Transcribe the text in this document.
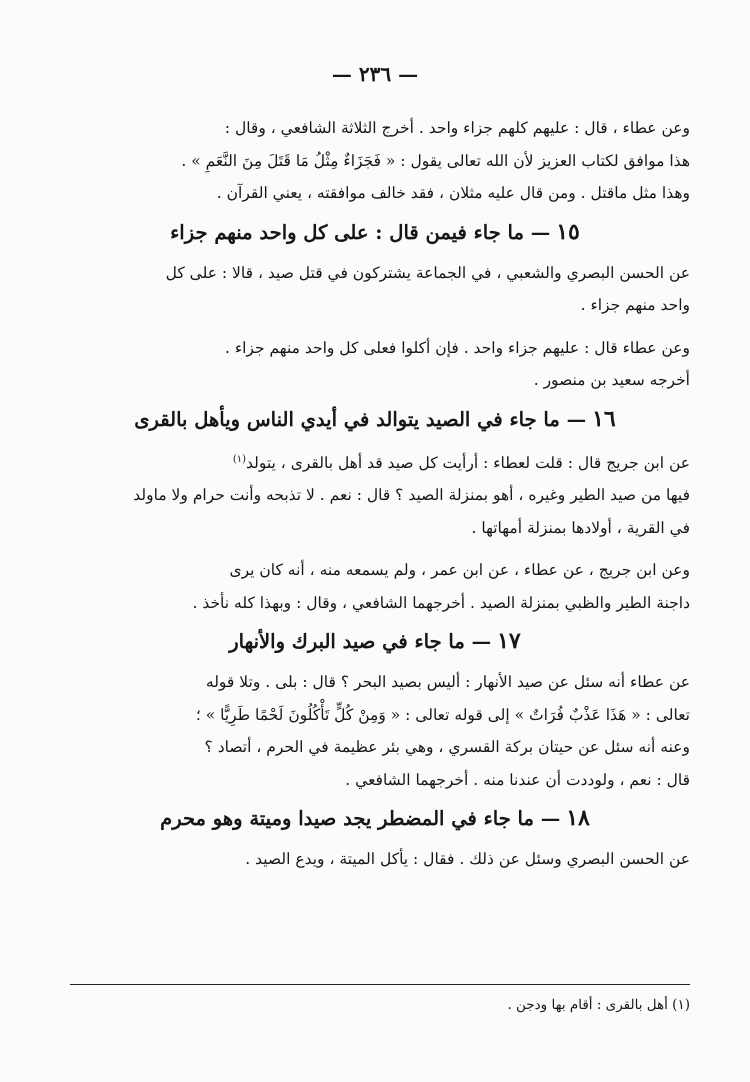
— ٢٣٦ —

وعن عطاء ، قال : عليهم كلهم جزاء واحد . أخرج الثلاثة الشافعي ، وقال :
هذا موافق لكتاب العزيز لأن الله تعالى يقول : « فَجَزَاءٌ مِثْلُ مَا قَتَلَ مِنَ النَّعَمِ » .
وهذا مثل ماقتل . ومن قال عليه مثلان ، فقد خالف موافقته ، يعني القرآن .

١٥— ما جاء فيمن قال : على كل واحد منهم جزاء

عن الحسن البصري والشعبي ، في الجماعة يشتركون في قتل صيد ، قالا : على كل
واحد منهم جزاء .

وعن عطاء قال : عليهم جزاء واحد . فإن أكلوا فعلى كل واحد منهم جزاء .
أخرجه سعيد بن منصور .

١٦— ما جاء في الصيد يتوالد في أيدي الناس ويأهل بالقرى

عن ابن جريج قال : قلت لعطاء : أرأيت كل صيد قد أهل بالقرى ، يتولد$^{(١)}$
فيها من صيد الطير وغيره ، أهو بمنزلة الصيد ؟ قال : نعم . لا تذبحه وأنت حرام ولا ماولد
في القرية ، أولادها بمنزلة أمهاتها .

وعن ابن جريج ، عن عطاء ، عن ابن عمر ، ولم يسمعه منه ، أنه كان يرى
داجنة الطير والظبي بمنزلة الصيد . أخرجهما الشافعي ، وقال : وبهذا كله نأخذ .

١٧— ما جاء في صيد البرك والأنهار

عن عطاء أنه سئل عن صيد الأنهار : أليس بصيد البحر ؟ قال : بلى . وتلا قوله
تعالى : « هَذَا عَذْبٌ فُرَاتٌ » إلى قوله تعالى : « وَمِنْ كُلٍّ تَأْكُلُونَ لَحْمًا طَرِيًّا » ؛

وعنه أنه سئل عن حيتان بركة القسري ، وهي بئر عظيمة في الحرم ، أتصاد ؟
قال : نعم ، ولوددت أن عندنا منه . أخرجهما الشافعي .

١٨— ما جاء في المضطر يجد صيدا وميتة وهو محرم

عن الحسن البصري وسئل عن ذلك . فقال : يأكل الميتة ، ويدع الصيد .

(١) أهل بالقرى : أقام بها ودجن .
